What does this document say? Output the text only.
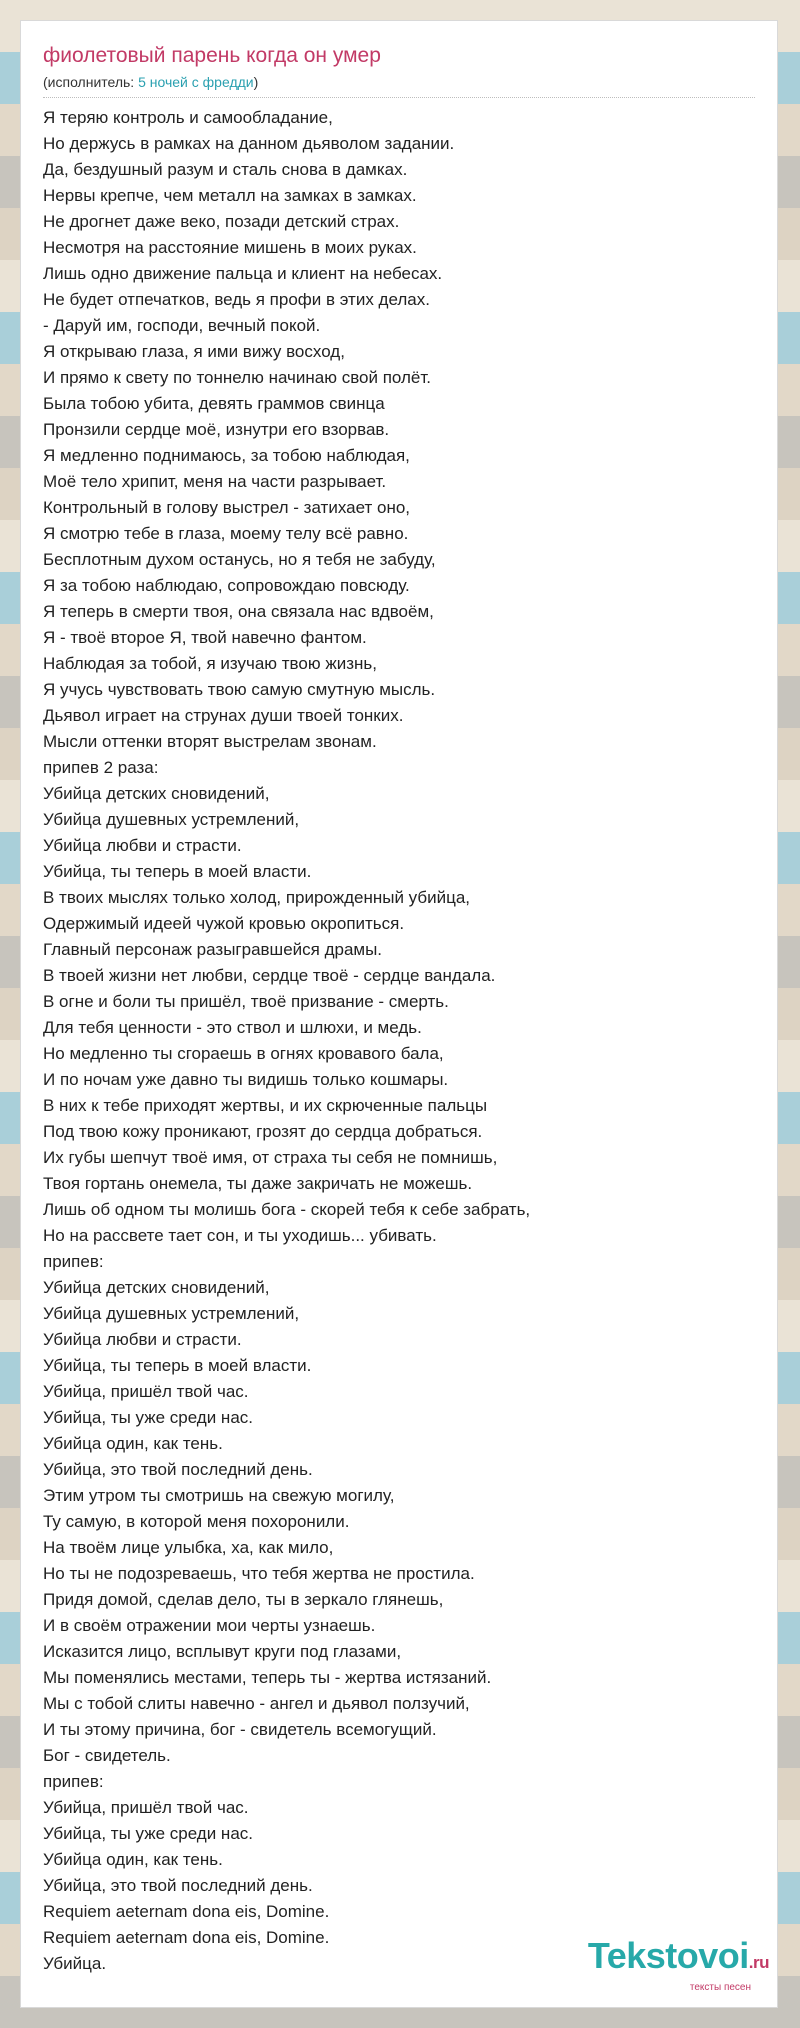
фиолетовый парень когда он умер
(исполнитель: 5 ночей с фредди)
Я теряю контроль и самообладание,
Но держусь в рамках на данном дьяволом задании.
Да, бездушный разум и сталь снова в дамках.
Нервы крепче, чем металл на замках в замках.
Не дрогнет даже веко, позади детский страх.
Несмотря на расстояние мишень в моих руках.
Лишь одно движение пальца и клиент на небесах.
Не будет отпечатков, ведь я профи в этих делах.
- Даруй им, господи, вечный покой.
Я открываю глаза, я ими вижу восход,
И прямо к свету по тоннелю начинаю свой полёт.
Была тобою убита, девять граммов свинца
Пронзили сердце моё, изнутри его взорвав.
Я медленно поднимаюсь, за тобою наблюдая,
Моё тело хрипит, меня на части разрывает.
Контрольный в голову выстрел - затихает оно,
Я смотрю тебе в глаза, моему телу всё равно.
Бесплотным духом останусь, но я тебя не забуду,
Я за тобою наблюдаю, сопровождаю повсюду.
Я теперь в смерти твоя, она связала нас вдвоём,
Я - твоё второе Я, твой навечно фантом.
Наблюдая за тобой, я изучаю твою жизнь,
Я учусь чувствовать твою самую смутную мысль.
Дьявол играет на струнах души твоей тонких.
Мысли оттенки вторят выстрелам звонам.
припев 2 раза:
Убийца детских сновидений,
Убийца душевных устремлений,
Убийца любви и страсти.
Убийца, ты теперь в моей власти.
В твоих мыслях только холод, прирожденный убийца,
Одержимый идеей чужой кровью окропиться.
Главный персонаж разыгравшейся драмы.
В твоей жизни нет любви, сердце твоё - сердце вандала.
В огне и боли ты пришёл, твоё призвание - смерть.
Для тебя ценности - это ствол и шлюхи, и медь.
Но медленно ты сгораешь в огнях кровавого бала,
И по ночам уже давно ты видишь только кошмары.
В них к тебе приходят жертвы, и их скрюченные пальцы
Под твою кожу проникают, грозят до сердца добраться.
Их губы шепчут твоё имя, от страха ты себя не помнишь,
Твоя гортань онемела, ты даже закричать не можешь.
Лишь об одном ты молишь бога - скорей тебя к себе забрать,
Но на рассвете тает сон, и ты уходишь... убивать.
припев:
Убийца детских сновидений,
Убийца душевных устремлений,
Убийца любви и страсти.
Убийца, ты теперь в моей власти.
Убийца, пришёл твой час.
Убийца, ты уже среди нас.
Убийца один, как тень.
Убийца, это твой последний день.
Этим утром ты смотришь на свежую могилу,
Ту самую, в которой меня похоронили.
На твоём лице улыбка, ха, как мило,
Но ты не подозреваешь, что тебя жертва не простила.
Придя домой, сделав дело, ты в зеркало глянешь,
И в своём отражении мои черты узнаешь.
Исказится лицо, всплывут круги под глазами,
Мы поменялись местами, теперь ты - жертва истязаний.
Мы с тобой слиты навечно - ангел и дьявол ползучий,
И ты этому причина, бог - свидетель всемогущий.
Бог - свидетель.
припев:
Убийца, пришёл твой час.
Убийца, ты уже среди нас.
Убийца один, как тень.
Убийца, это твой последний день.
Requiem aeternam dona eis, Domine.
Requiem aeternam dona eis, Domine.
Убийца.	Tekstovoi.ru
тексты песен
